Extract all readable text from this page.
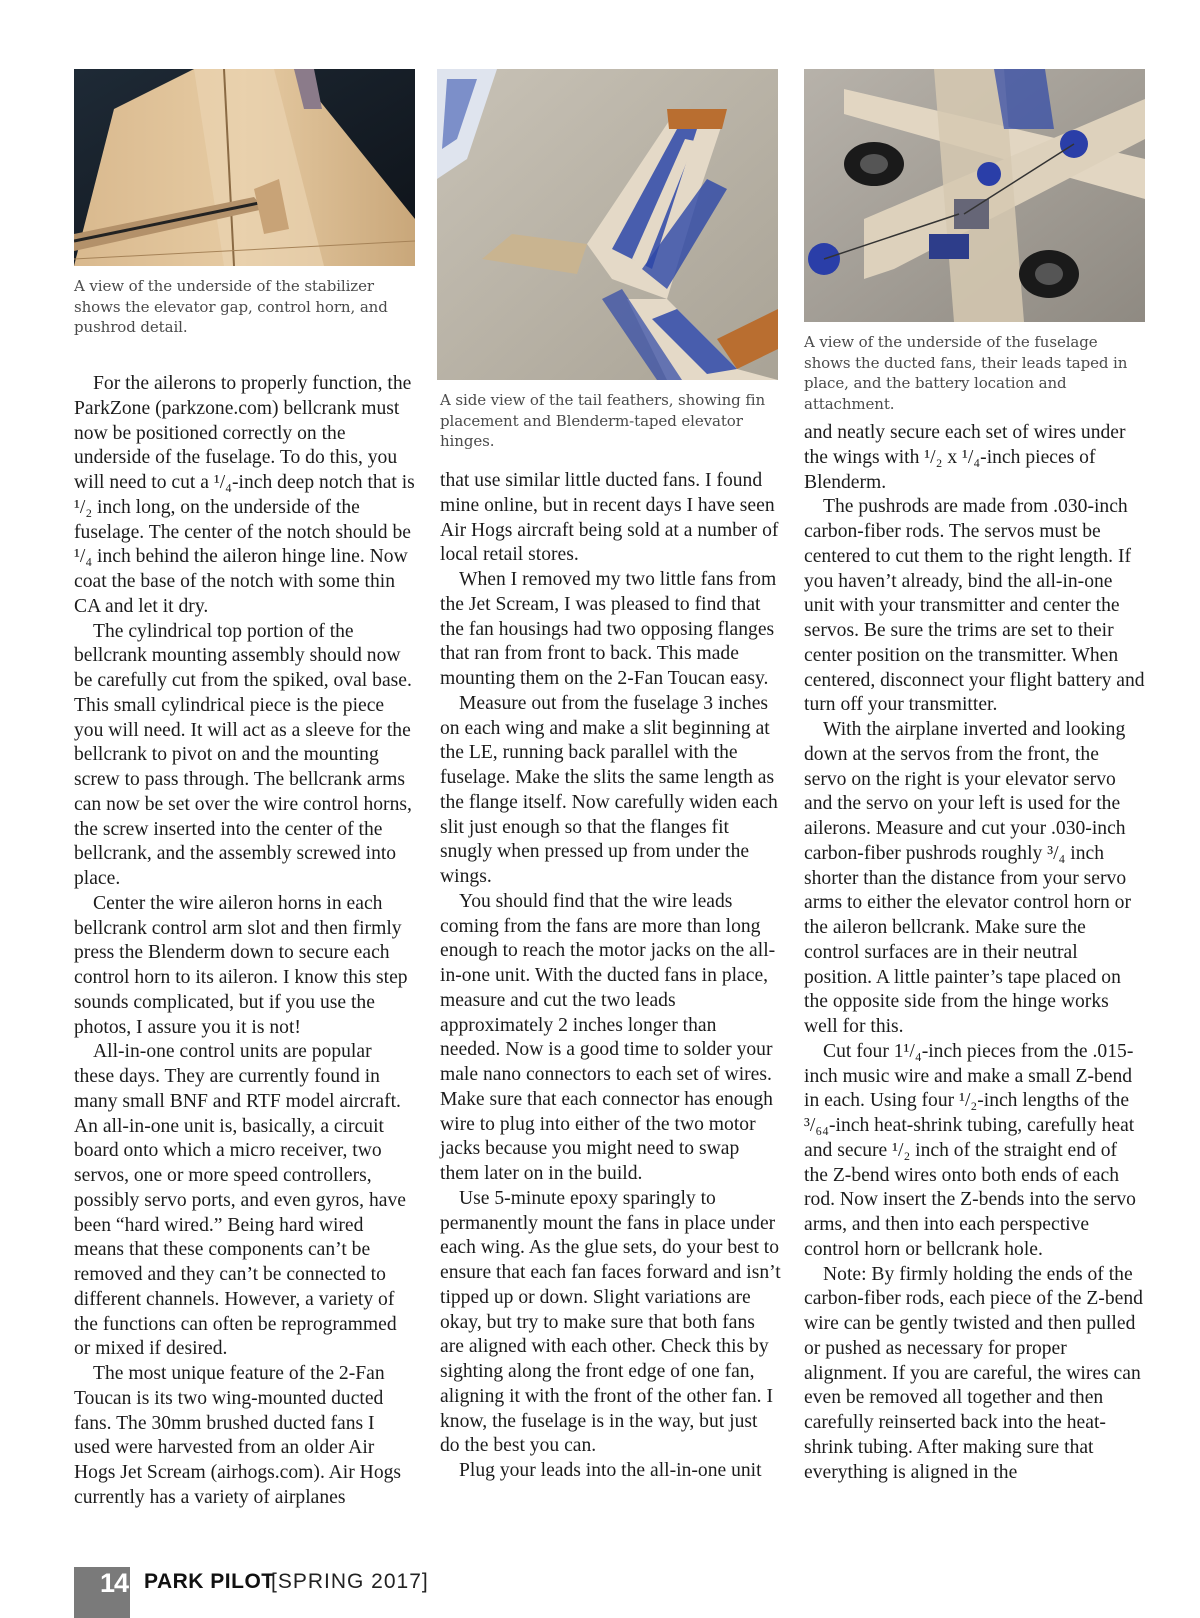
A view of the underside of the stabilizer shows the elevator gap, control horn, and pushrod detail.
A side view of the tail feathers, showing fin placement and Blenderm-taped elevator hinges.
A view of the underside of the fuselage shows the ducted fans, their leads taped in place, and the battery location and attachment.

For the ailerons to properly function, the ParkZone (parkzone.com) bellcrank must now be positioned correctly on the underside of the fuselage. To do this, you will need to cut a ¹/₄-inch deep notch that is ¹/₂ inch long, on the underside of the fuselage. The center of the notch should be ¹/₄ inch behind the aileron hinge line. Now coat the base of the notch with some thin CA and let it dry.

The cylindrical top portion of the bellcrank mounting assembly should now be carefully cut from the spiked, oval base. This small cylindrical piece is the piece you will need. It will act as a sleeve for the bellcrank to pivot on and the mounting screw to pass through. The bellcrank arms can now be set over the wire control horns, the screw inserted into the center of the bellcrank, and the assembly screwed into place.

Center the wire aileron horns in each bellcrank control arm slot and then firmly press the Blenderm down to secure each control horn to its aileron. I know this step sounds complicated, but if you use the photos, I assure you it is not!

All-in-one control units are popular these days. They are currently found in many small BNF and RTF model aircraft. An all-in-one unit is, basically, a circuit board onto which a micro receiver, two servos, one or more speed controllers, possibly servo ports, and even gyros, have been “hard wired.” Being hard wired means that these components can’t be removed and they can’t be connected to different channels. However, a variety of the functions can often be reprogrammed or mixed if desired.

The most unique feature of the 2-Fan Toucan is its two wing-mounted ducted fans. The 30mm brushed ducted fans I used were harvested from an older Air Hogs Jet Scream (airhogs.com). Air Hogs currently has a variety of airplanes

that use similar little ducted fans. I found mine online, but in recent days I have seen Air Hogs aircraft being sold at a number of local retail stores.

When I removed my two little fans from the Jet Scream, I was pleased to find that the fan housings had two opposing flanges that ran from front to back. This made mounting them on the 2-Fan Toucan easy.

Measure out from the fuselage 3 inches on each wing and make a slit beginning at the LE, running back parallel with the fuselage. Make the slits the same length as the flange itself. Now carefully widen each slit just enough so that the flanges fit snugly when pressed up from under the wings.

You should find that the wire leads coming from the fans are more than long enough to reach the motor jacks on the all-in-one unit. With the ducted fans in place, measure and cut the two leads approximately 2 inches longer than needed. Now is a good time to solder your male nano connectors to each set of wires. Make sure that each connector has enough wire to plug into either of the two motor jacks because you might need to swap them later on in the build.

Use 5-minute epoxy sparingly to permanently mount the fans in place under each wing. As the glue sets, do your best to ensure that each fan faces forward and isn’t tipped up or down. Slight variations are okay, but try to make sure that both fans are aligned with each other. Check this by sighting along the front edge of one fan, aligning it with the front of the other fan. I know, the fuselage is in the way, but just do the best you can.

Plug your leads into the all-in-one unit

and neatly secure each set of wires under the wings with ¹/₂ x ¹/₄-inch pieces of Blenderm.

The pushrods are made from .030-inch carbon-fiber rods. The servos must be centered to cut them to the right length. If you haven’t already, bind the all-in-one unit with your transmitter and center the servos. Be sure the trims are set to their center position on the transmitter. When centered, disconnect your flight battery and turn off your transmitter.

With the airplane inverted and looking down at the servos from the front, the servo on the right is your elevator servo and the servo on your left is used for the ailerons. Measure and cut your .030-inch carbon-fiber pushrods roughly ³/₄ inch shorter than the distance from your servo arms to either the elevator control horn or the aileron bellcrank. Make sure the control surfaces are in their neutral position. A little painter’s tape placed on the opposite side from the hinge works well for this.

Cut four 1¹/₄-inch pieces from the .015-inch music wire and make a small Z-bend in each. Using four ¹/₂-inch lengths of the ³/₆₄-inch heat-shrink tubing, carefully heat and secure ¹/₂ inch of the straight end of the Z-bend wires onto both ends of each rod. Now insert the Z-bends into the servo arms, and then into each perspective control horn or bellcrank hole.

Note: By firmly holding the ends of the carbon-fiber rods, each piece of the Z-bend wire can be gently twisted and then pulled or pushed as necessary for proper alignment. If you are careful, the wires can even be removed all together and then carefully reinserted back into the heat-shrink tubing. After making sure that everything is aligned in the

14 PARK PILOT
[SPRING 2017]
